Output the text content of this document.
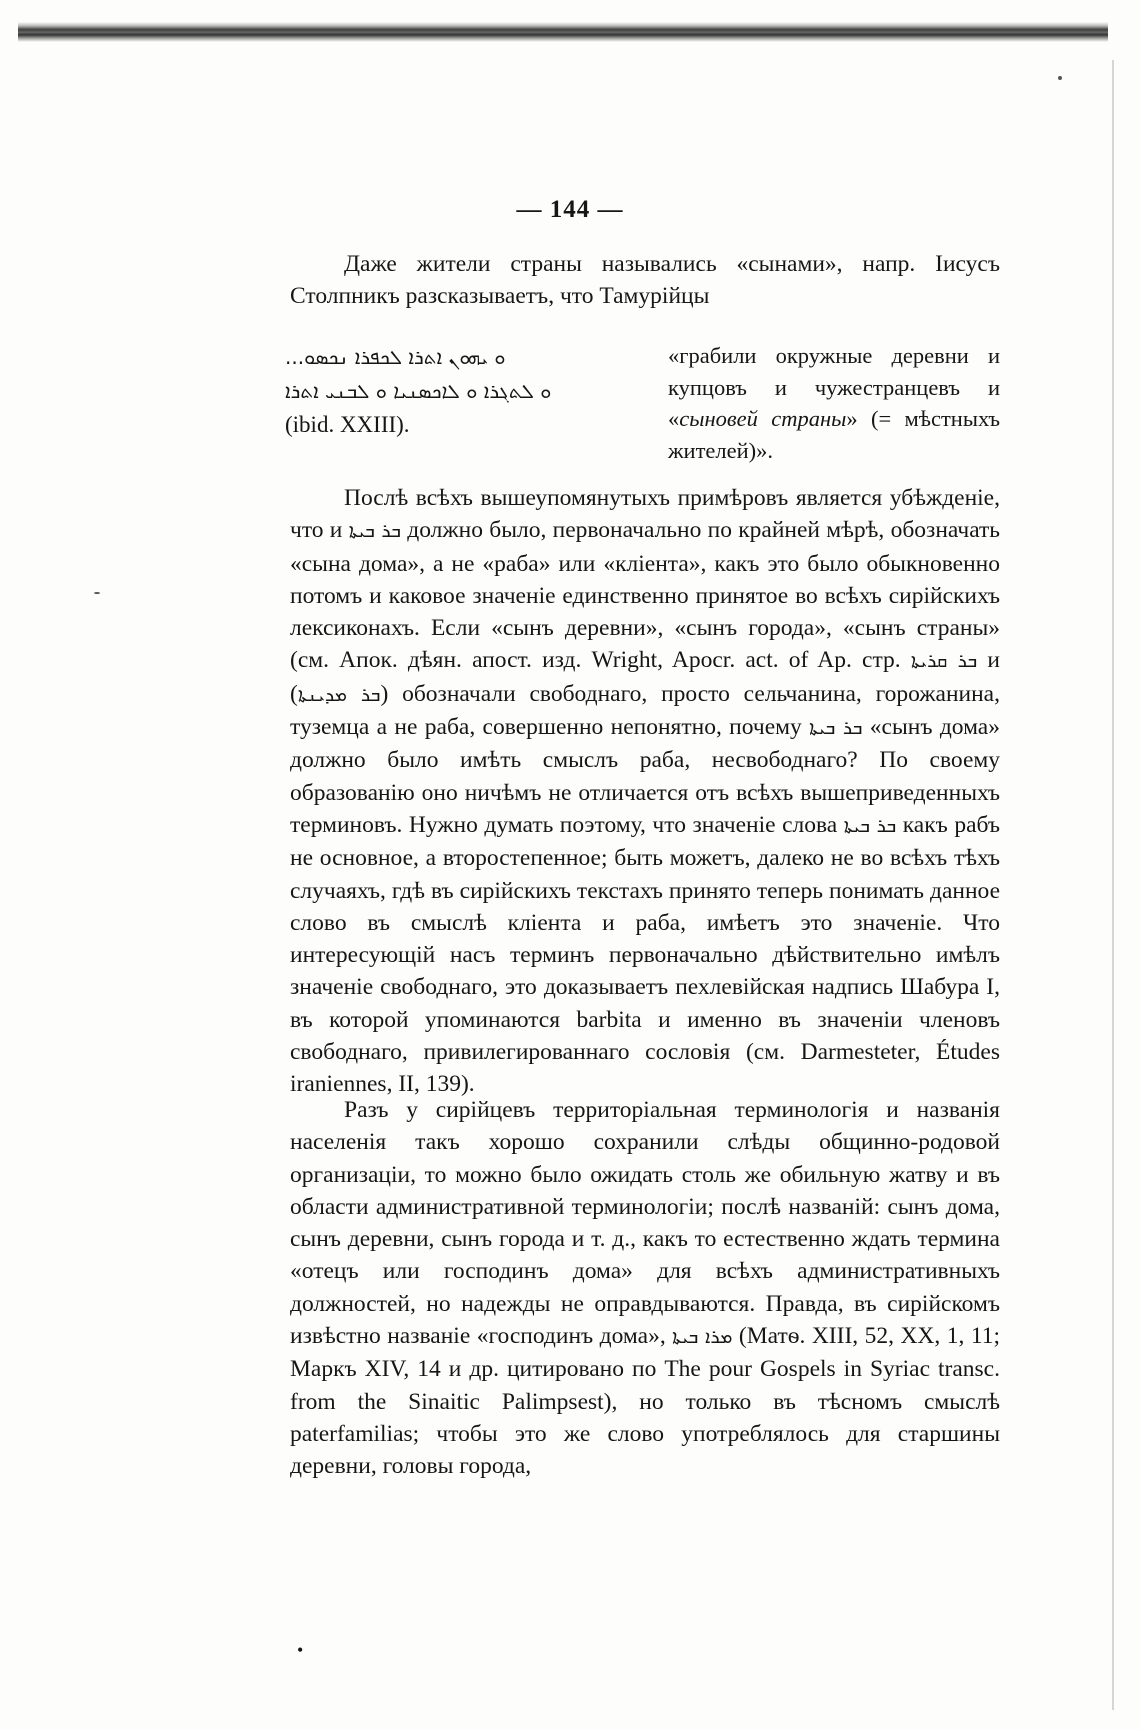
— 144 —
Даже жители страны назывались «сынами», напр. Iисусъ Столпникъ разсказываетъ, что Тамурійцы
ܘ ܝܗܘܢ ܐܬܪܐ ܠܟܦܪܐ ܢܟܣܘ...
ܘ ܠܬܓܪܐ ܘ ܠܐܟܣܢܝܐ ܘ ܠܒܢܝ ܐܬܪܐ
(ibid. XXIII).
«грабили окружные деревни и купцовъ и чужестранцевъ и «сыновей страны» (= мѣстныхъ жителей)».
Послѣ всѣхъ вышеупомянутыхъ примѣровъ является убѣжденіе, что и ܒܪ ܒܝܬܐ должно было, первоначально по крайней мѣрѣ, обозначать «сына дома», а не «раба» или «кліента», какъ это было обыкновенно потомъ и каковое значеніе единственно принятое во всѣхъ сирійскихъ лексиконахъ. Если «сынъ деревни», «сынъ города», «сынъ страны» (см. Апок. дѣян. апост. изд. Wright, Apocr. act. of Ap. стр. ܒܪ ܩܪܝܬܐ и (ܒܪ ܡܕܝܢܬܐ) обозначали свободнаго, просто сельчанина, горожанина, туземца а не раба, совершенно непонятно, почему ܒܪ ܒܝܬܐ «сынъ дома» должно было имѣть смыслъ раба, несвободнаго? По своему образованію оно ничѣмъ не отличается отъ всѣхъ вышеприведенныхъ терминовъ. Нужно думать поэтому, что значеніе слова ܒܪ ܒܝܬܐ какъ рабъ не основное, а второстепенное; быть можетъ, далеко не во всѣхъ тѣхъ случаяхъ, гдѣ въ сирійскихъ текстахъ принято теперь понимать данное слово въ смыслѣ кліента и раба, имѣетъ это значеніе. Что интересующій насъ терминъ первоначально дѣйствительно имѣлъ значеніе свободнаго, это доказываетъ пехлевійская надпись Шабура I, въ которой упоминаются barbita и именно въ значеніи членовъ свободнаго, привилегированнаго сословія (см. Darmesteter, Études iraniennes, II, 139).
Разъ у сирійцевъ территоріальная терминологія и названія населенія такъ хорошо сохранили слѣды общинно-родовой организаціи, то можно было ожидать столь же обильную жатву и въ области административной терминологіи; послѣ названій: сынъ дома, сынъ деревни, сынъ города и т. д., какъ то естественно ждать термина «отецъ или господинъ дома» для всѣхъ административныхъ должностей, но надежды не оправдываются. Правда, въ сирійскомъ извѣстно названіе «господинъ дома», ܡܪܐ ܒܝܬܐ (Матѳ. XIII, 52, XX, 1, 11; Маркъ XIV, 14 и др. цитировано по The pour Gospels in Syriac transc. from the Sinaitic Palimpsest), но только въ тѣсномъ смыслѣ paterfamilias; чтобы это же слово употреблялось для старшины деревни, головы города,
•
